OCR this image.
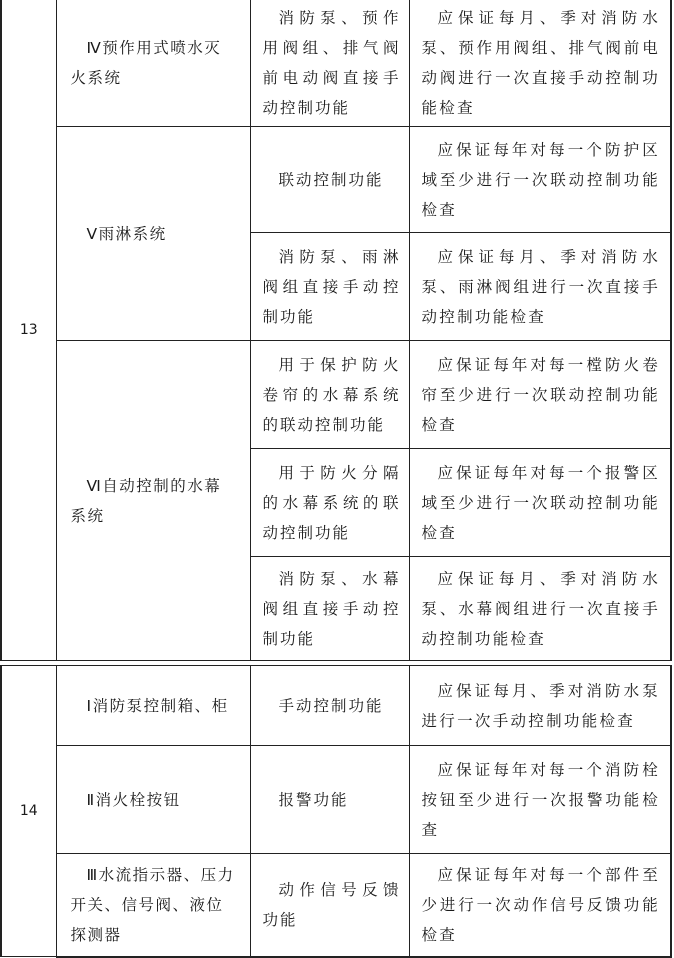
13	Ⅳ预作用式喷水灭火系统	消防泵、预作用阀组、排气阀前电动阀直接手动控制功能	应保证每月、季对消防水泵、预作用阀组、排气阀前电动阀进行一次直接手动控制功能检查

	Ⅴ雨淋系统	联动控制功能	应保证每年对每一个防护区域至少进行一次联动控制功能检查

		消防泵、雨淋阀组直接手动控制功能	应保证每月、季对消防水泵、雨淋阀组进行一次直接手动控制功能检查

	Ⅵ自动控制的水幕系统	用于保护防火卷帘的水幕系统的联动控制功能	应保证每年对每一樘防火卷帘至少进行一次联动控制功能检查

		用于防火分隔的水幕系统的联动控制功能	应保证每年对每一个报警区域至少进行一次联动控制功能检查

		消防泵、水幕阀组直接手动控制功能	应保证每月、季对消防水泵、水幕阀组进行一次直接手动控制功能检查

14	Ⅰ消防泵控制箱、柜	手动控制功能	应保证每月、季对消防水泵进行一次手动控制功能检查

	Ⅱ消火栓按钮	报警功能	应保证每年对每一个消防栓按钮至少进行一次报警功能检查

	Ⅲ水流指示器、压力开关、信号阀、液位探测器	动作信号反馈功能	应保证每年对每一个部件至少进行一次动作信号反馈功能检查
